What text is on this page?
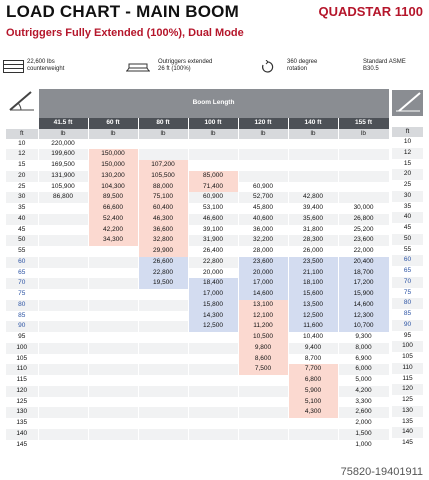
LOAD CHART - MAIN BOOM	QUADSTAR 1100
Outriggers Fully Extended (100%), Dual Mode
22,600 lbs
counterweight
Outriggers extended
26 ft (100%)
360 degree
rotation
Standard ASME
B30.5
	Boom Length						
	41.5 ft	60 ft	80 ft	100 ft	120 ft	140 ft	155 ft
ft	lb	lb	lb	lb	lb	lb	lb
10	220,000						
12	199,600	150,000					
15	169,500	150,000	107,200				
20	131,900	130,200	105,500	85,000			
25	105,900	104,300	88,000	71,400	60,900		
30	86,800	89,500	75,100	60,900	52,700	42,800	
35		66,600	60,400	53,100	45,800	39,400	30,000
40		52,400	46,300	46,600	40,600	35,600	26,800
45		42,200	36,600	39,100	36,000	31,800	25,200
50		34,300	32,800	31,900	32,200	28,300	23,600
55			29,900	26,400	28,000	26,000	22,000
60			26,600	22,800	23,600	23,500	20,400
65			22,800	20,000	20,000	21,100	18,700
70			19,500	18,400	17,000	18,100	17,200
75				17,000	14,600	15,600	15,900
80				15,800	13,100	13,500	14,600
85				14,300	12,100	12,500	12,300
90				12,500	11,200	11,600	10,700
95					10,500	10,400	9,300
100					9,800	9,400	8,000
105					8,600	8,700	6,900
110					7,500	7,700	6,000
115						6,800	5,000
120						5,900	4,200
125						5,100	3,300
130						4,300	2,600
135							2,000
140							1,500
145							1,000
ft
10
12
15
20
25
30
35
40
45
50
55
60
65
70
75
80
85
90
95
100
105
110
115
120
125
130
135
140
145
75820-19401911
